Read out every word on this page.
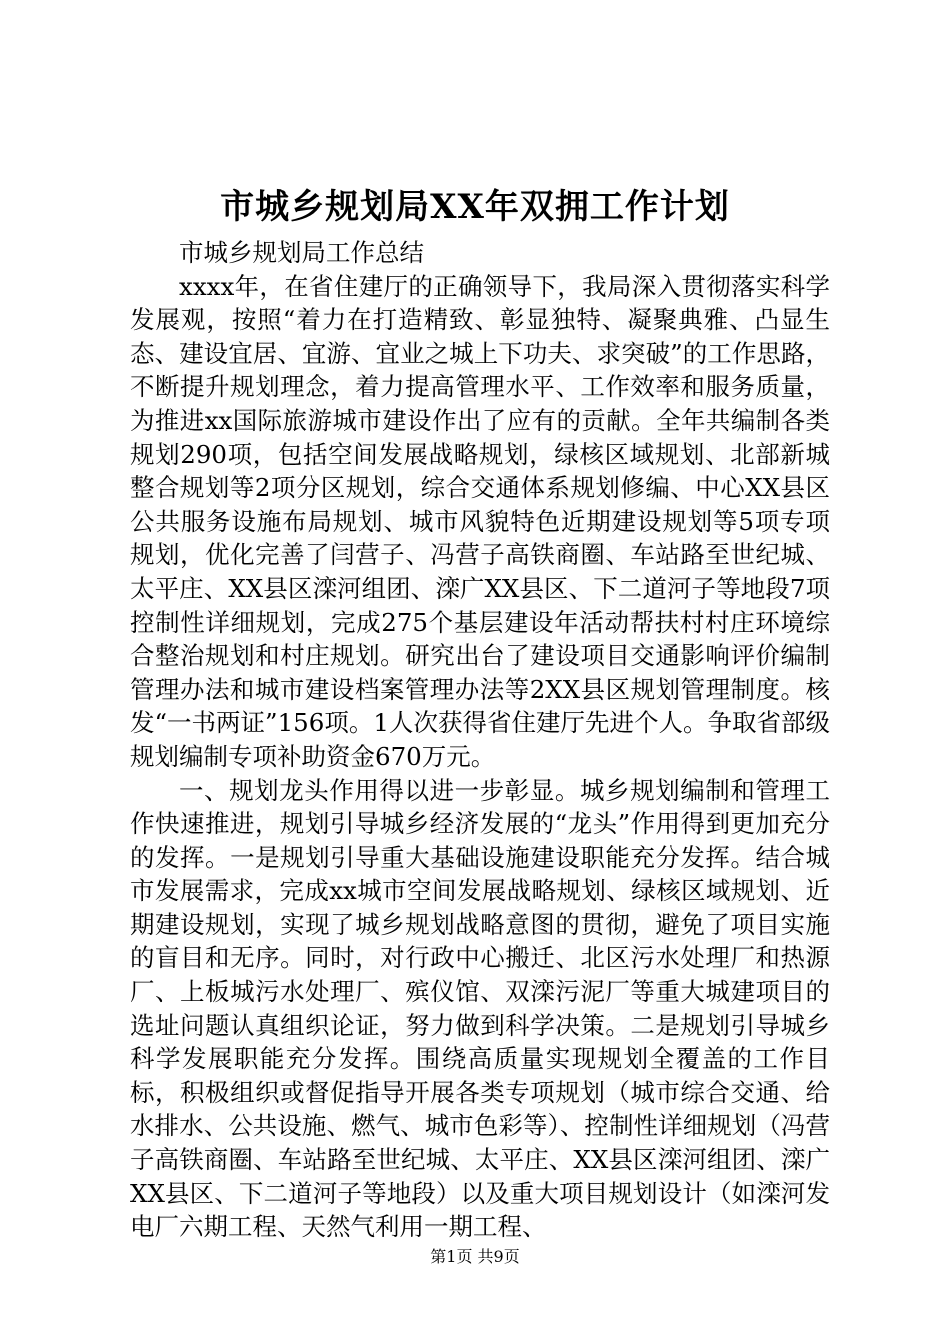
市城乡规划局XX年双拥工作计划

市城乡规划局工作总结

xxxx年，在省住建厅的正确领导下，我局深入贯彻落实科学发展观，按照“着力在打造精致、彰显独特、凝聚典雅、凸显生态、建设宜居、宜游、宜业之城上下功夫、求突破”的工作思路，不断提升规划理念，着力提高管理水平、工作效率和服务质量，为推进xx国际旅游城市建设作出了应有的贡献。全年共编制各类规划290项，包括空间发展战略规划，绿核区域规划、北部新城整合规划等2项分区规划，综合交通体系规划修编、中心XX县区公共服务设施布局规划、城市风貌特色近期建设规划等5项专项规划，优化完善了闫营子、冯营子高铁商圈、车站路至世纪城、太平庄、XX县区滦河组团、滦广XX县区、下二道河子等地段7项控制性详细规划，完成275个基层建设年活动帮扶村村庄环境综合整治规划和村庄规划。研究出台了建设项目交通影响评价编制管理办法和城市建设档案管理办法等2XX县区规划管理制度。核发“一书两证”156项。1人次获得省住建厅先进个人。争取省部级规划编制专项补助资金670万元。

一、规划龙头作用得以进一步彰显。城乡规划编制和管理工作快速推进，规划引导城乡经济发展的“龙头”作用得到更加充分的发挥。一是规划引导重大基础设施建设职能充分发挥。结合城市发展需求，完成xx城市空间发展战略规划、绿核区域规划、近期建设规划，实现了城乡规划战略意图的贯彻，避免了项目实施的盲目和无序。同时，对行政中心搬迁、北区污水处理厂和热源厂、上板城污水处理厂、殡仪馆、双滦污泥厂等重大城建项目的选址问题认真组织论证，努力做到科学决策。二是规划引导城乡科学发展职能充分发挥。围绕高质量实现规划全覆盖的工作目标，积极组织或督促指导开展各类专项规划（城市综合交通、给水排水、公共设施、燃气、城市色彩等）、控制性详细规划（冯营子高铁商圈、车站路至世纪城、太平庄、XX县区滦河组团、滦广XX县区、下二道河子等地段）以及重大项目规划设计（如滦河发电厂六期工程、天然气利用一期工程、

第1页 共9页
